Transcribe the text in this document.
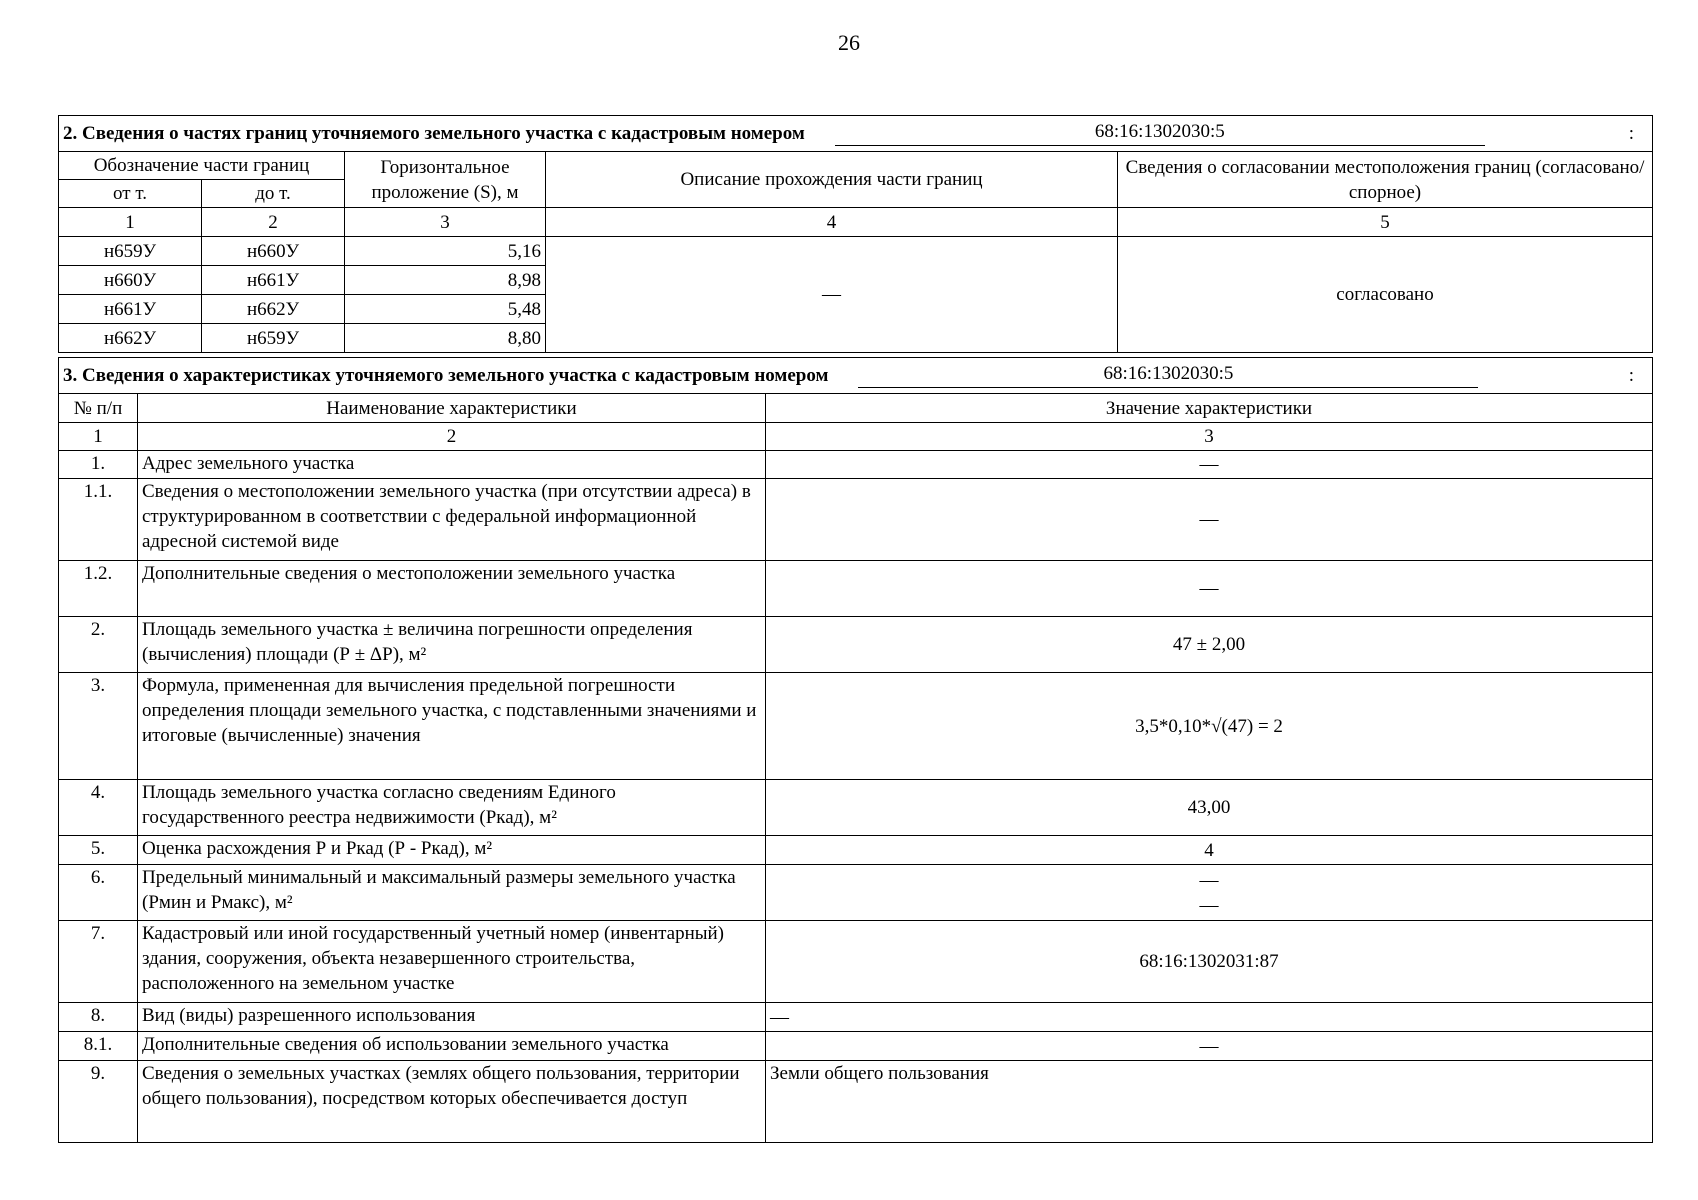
26
2. Сведения о частях границ уточняемого земельного участка с кадастровым номером 68:16:1302030:5 :				

Обозначение части границ		Горизонтальное проложение (S), м	Описание прохождения части границ	Сведения о согласовании местоположения границ (согласовано/спорное)
от т.	до т.			
1	2	3	4	5
н659У	н660У	5,16	—	согласовано
н660У	н661У	8,98		
н661У	н662У	5,48		
н662У	н659У	8,80		
3. Сведения о характеристиках уточняемого земельного участка с кадастровым номером 68:16:1302030:5 :		

№ п/п	Наименование характеристики	Значение характеристики
1	2	3
1.	Адрес земельного участка	—
1.1.	Сведения о местоположении земельного участка (при отсутствии адреса) в структурированном в соответствии с федеральной информационной адресной системой виде	—
1.2.	Дополнительные сведения о местоположении земельного участка	—
2.	Площадь земельного участка ± величина погрешности определения (вычисления) площади (Р ± ΔР), м²	47 ± 2,00
3.	Формула, примененная для вычисления предельной погрешности определения площади земельного участка, с подставленными значениями и итоговые (вычисленные) значения	3,5*0,10*√(47) = 2
4.	Площадь земельного участка согласно сведениям Единого государственного реестра недвижимости (Ркад), м²	43,00
5.	Оценка расхождения Р и Ркад (Р - Ркад), м²	4
6.	Предельный минимальный и максимальный размеры земельного участка (Рмин и Рмакс), м²	—
—

7.	Кадастровый или иной государственный учетный номер (инвентарный) здания, сооружения, объекта незавершенного строительства, расположенного на земельном участке	68:16:1302031:87
8.	Вид (виды) разрешенного использования	—
8.1.	Дополнительные сведения об использовании земельного участка	—
9.	Сведения о земельных участках (землях общего пользования, территории общего пользования), посредством которых обеспечивается доступ	Земли общего пользования
